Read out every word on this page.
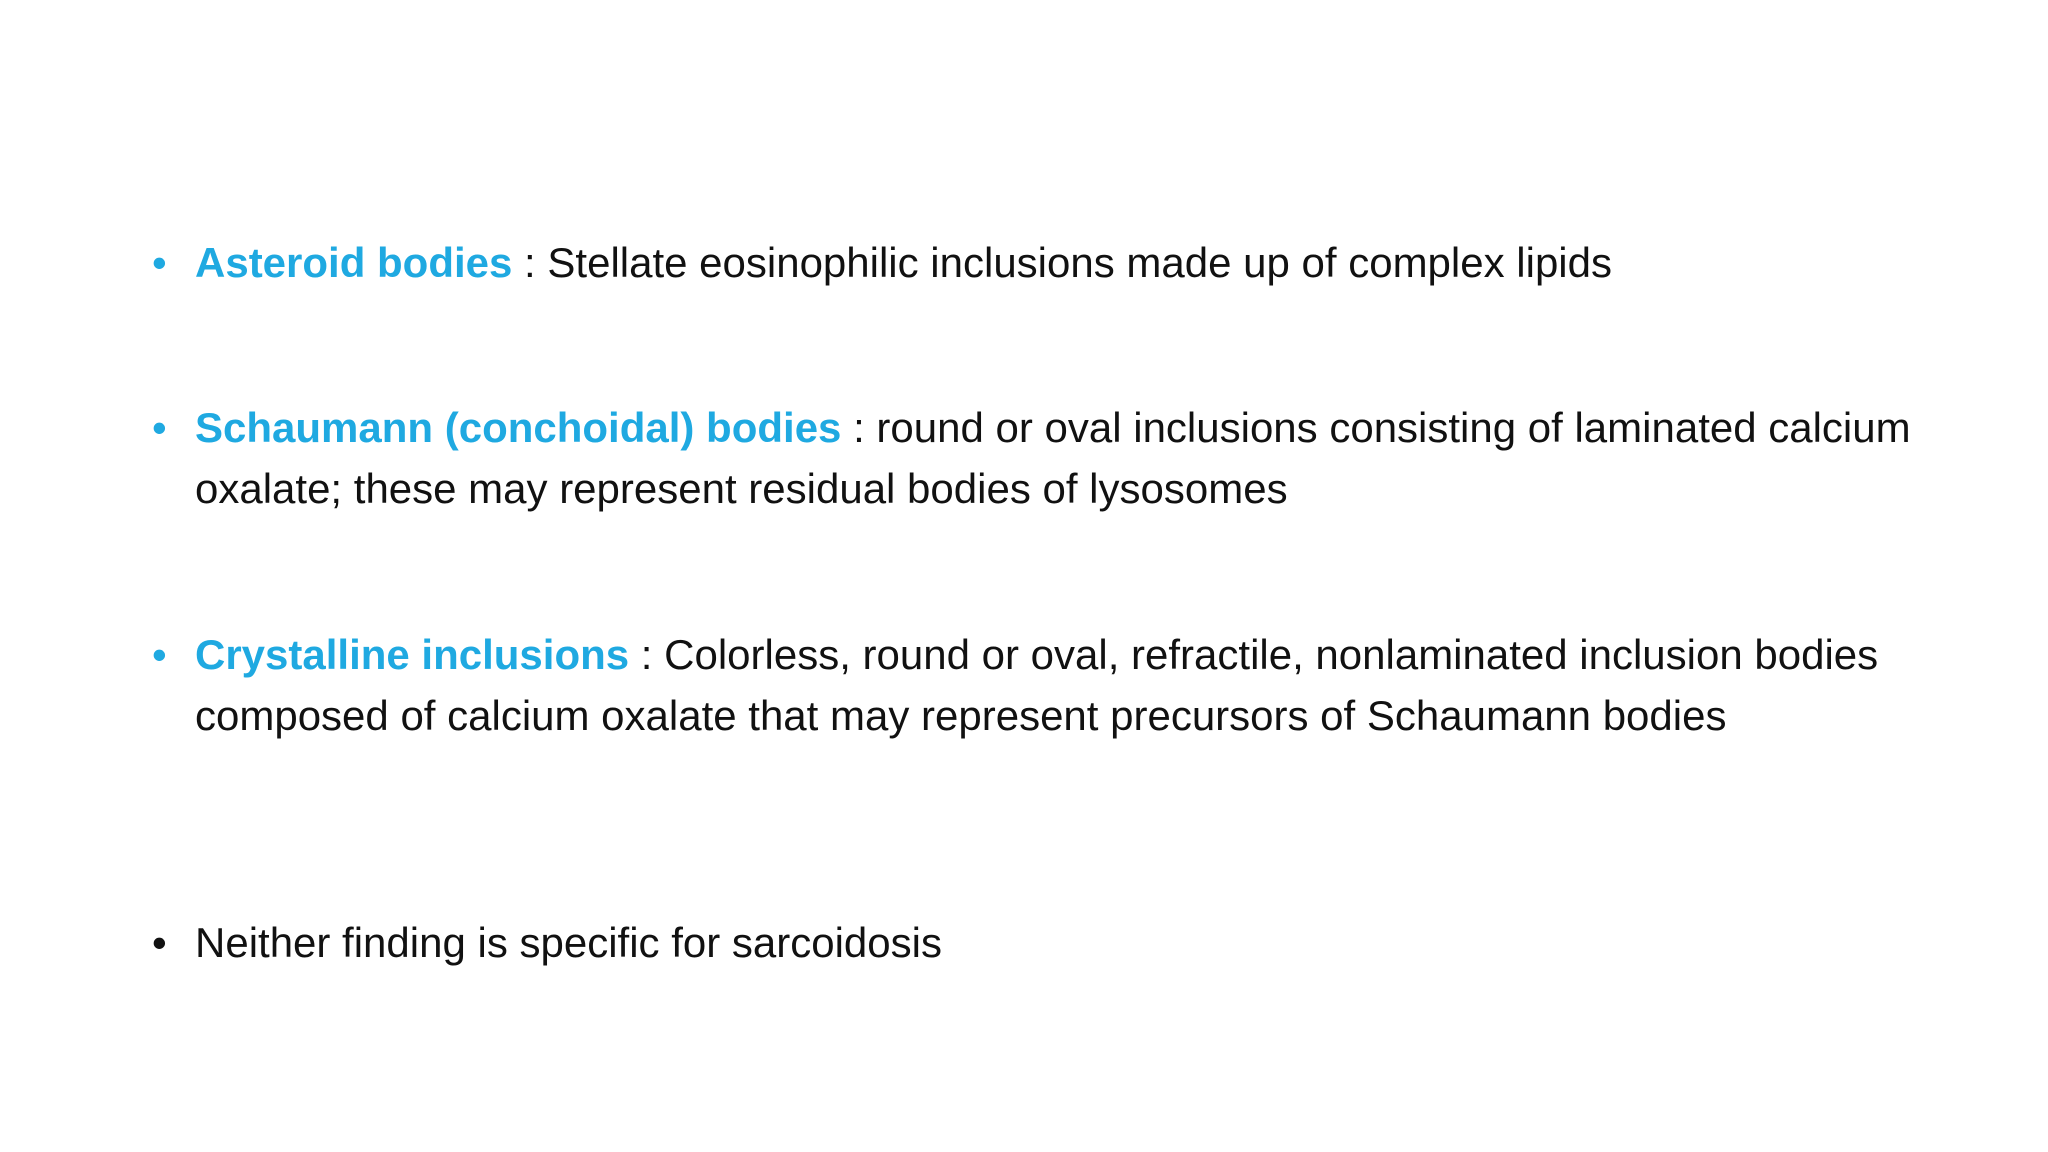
• Asteroid bodies : Stellate eosinophilic inclusions made up of complex lipids
• Schaumann (conchoidal) bodies : round or oval inclusions consisting of laminated calcium oxalate; these may represent residual bodies of lysosomes
• Crystalline inclusions : Colorless, round or oval, refractile, nonlaminated inclusion bodies composed of calcium oxalate that may represent precursors of Schaumann bodies
• Neither finding is specific for sarcoidosis
